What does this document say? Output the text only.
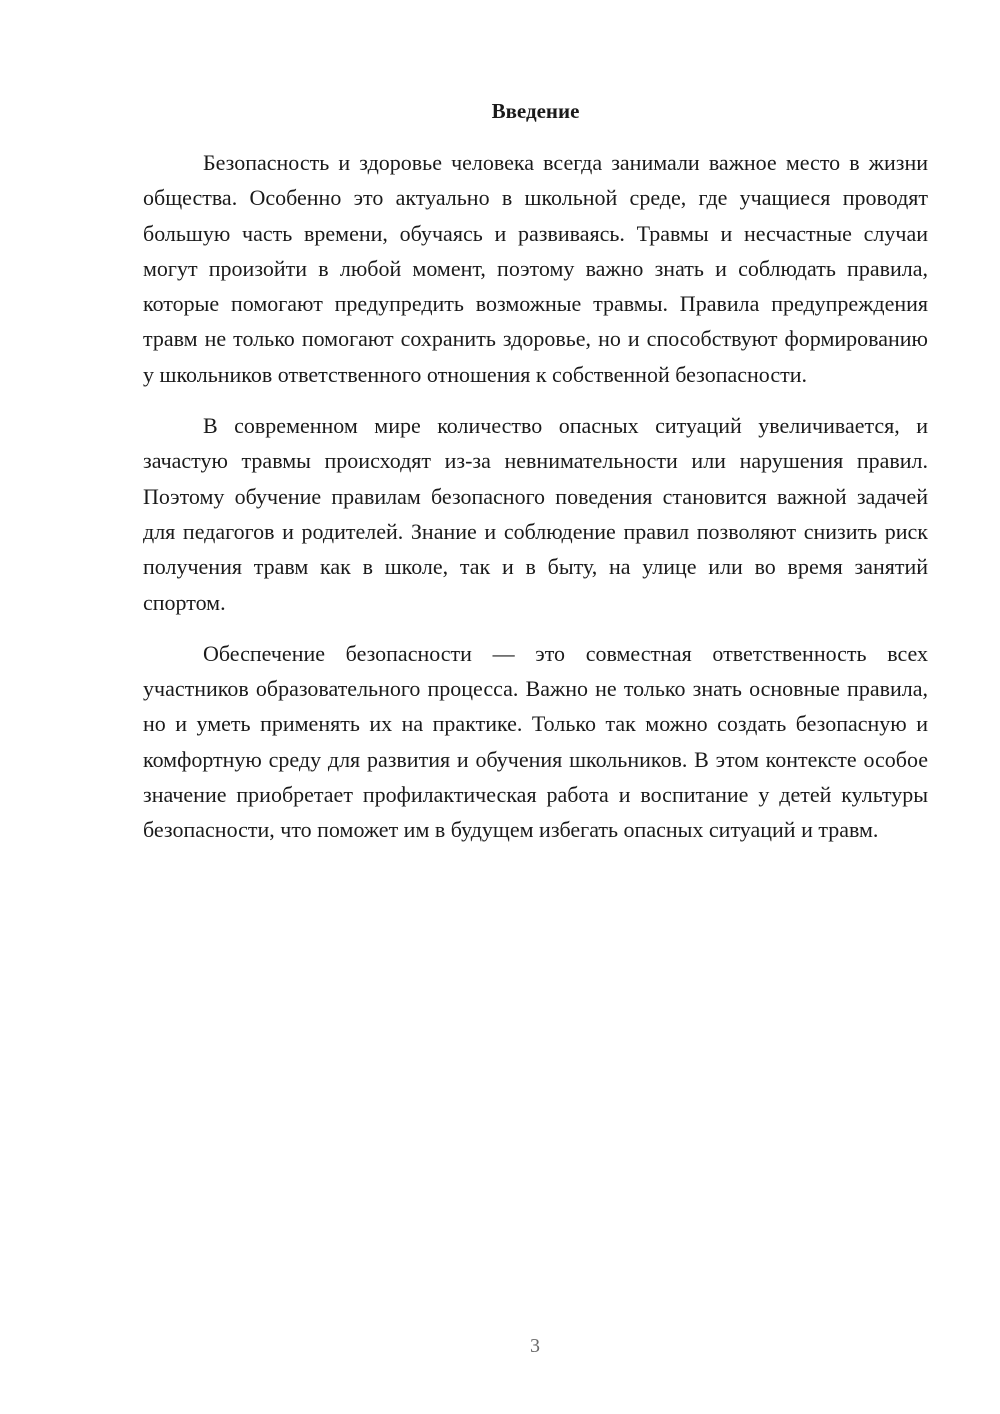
Введение

Безопасность и здоровье человека всегда занимали важное место в жизни общества. Особенно это актуально в школьной среде, где учащиеся проводят большую часть времени, обучаясь и развиваясь. Травмы и несчастные случаи могут произойти в любой момент, поэтому важно знать и соблюдать правила, которые помогают предупредить возможные травмы. Правила предупреждения травм не только помогают сохранить здоровье, но и способствуют формированию у школьников ответственного отношения к собственной безопасности.

В современном мире количество опасных ситуаций увеличивается, и зачастую травмы происходят из-за невнимательности или нарушения правил. Поэтому обучение правилам безопасного поведения становится важной задачей для педагогов и родителей. Знание и соблюдение правил позволяют снизить риск получения травм как в школе, так и в быту, на улице или во время занятий спортом.

Обеспечение безопасности — это совместная ответственность всех участников образовательного процесса. Важно не только знать основные правила, но и уметь применять их на практике. Только так можно создать безопасную и комфортную среду для развития и обучения школьников. В этом контексте особое значение приобретает профилактическая работа и воспитание у детей культуры безопасности, что поможет им в будущем избегать опасных ситуаций и травм.

3
